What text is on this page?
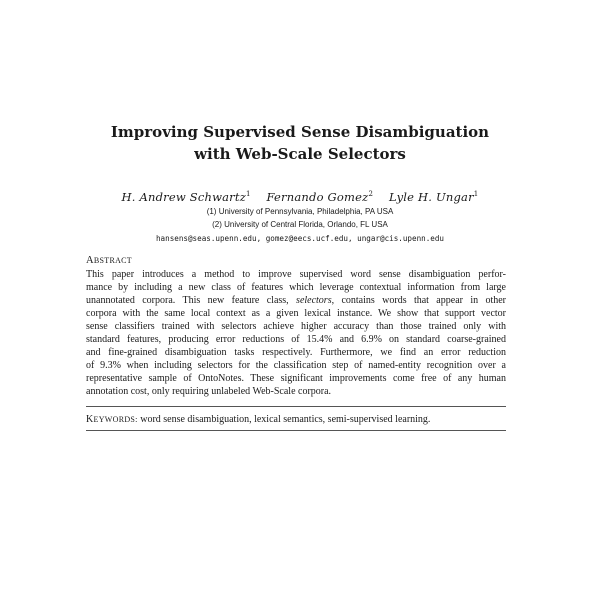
Improving Supervised Sense Disambiguation
with Web-Scale Selectors
H. Andrew Schwartz$^1$ Fernando Gomez$^2$ Lyle H. Ungar$^1$
(1) University of Pennsylvania, Philadelphia, PA USA
(2) University of Central Florida, Orlando, FL USA
hansens@seas.upenn.edu, gomez@eecs.ucf.edu, ungar@cis.upenn.edu
ABSTRACT
This paper introduces a method to improve supervised word sense disambiguation perfor-
mance by including a new class of features which leverage contextual information from large
unannotated corpora. This new feature class, selectors, contains words that appear in other
corpora with the same local context as a given lexical instance. We show that support vector
sense classifiers trained with selectors achieve higher accuracy than those trained only with
standard features, producing error reductions of 15.4% and 6.9% on standard coarse-grained
and fine-grained disambiguation tasks respectively. Furthermore, we find an error reduction
of 9.3% when including selectors for the classification step of named-entity recognition over a
representative sample of OntoNotes. These significant improvements come free of any human
annotation cost, only requiring unlabeled Web-Scale corpora.
KEYWORDS: word sense disambiguation, lexical semantics, semi-supervised learning.
